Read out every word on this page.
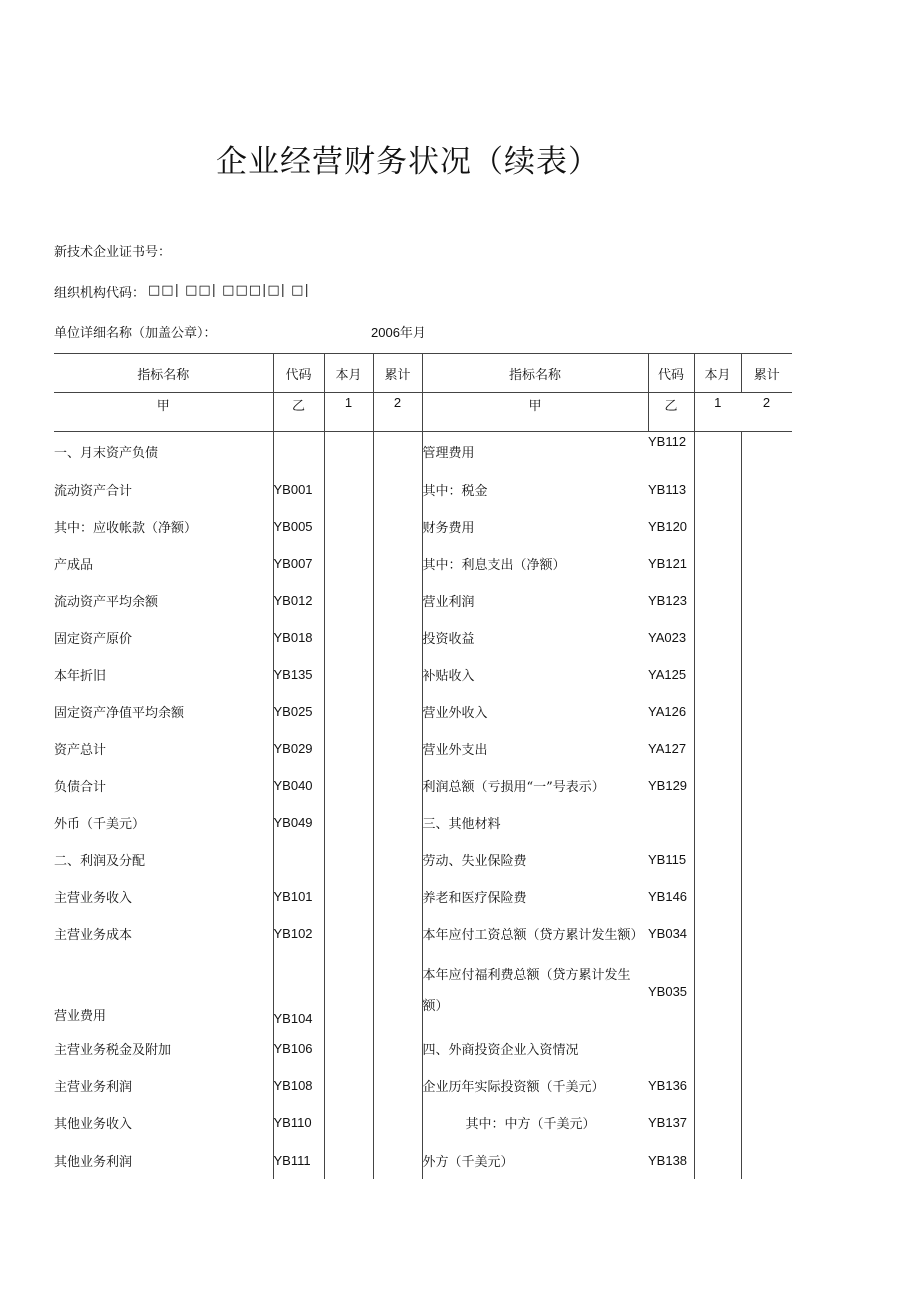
企业经营财务状况（续表）
新技术企业证书号：
组织机构代码： □□| □□| □□□|□| □|
单位详细名称（加盖公章）：	2006年月
指标名称	代码	本月	累计	指标名称	代码	本月	累计
甲	乙	1	2	甲	乙	1	2
一、月末资产负债				管理费用	YB112		
流动资产合计	YB001			其中：税金	YB113		
其中：应收帐款（净额）	YB005			财务费用	YB120		
产成品	YB007			其中：利息支出（净额）	YB121		
流动资产平均余额	YB012			营业利润	YB123		
固定资产原价	YB018			投资收益	YA023		
本年折旧	YB135			补贴收入	YA125		
固定资产净值平均余额	YB025			营业外收入	YA126		
资产总计	YB029			营业外支出	YA127		
负债合计	YB040			利润总额（亏损用“一”号表示）	YB129		
外币（千美元）	YB049			三、其他材料			
二、利润及分配				劳动、失业保险费	YB115		
主营业务收入	YB101			养老和医疗保险费	YB146		
主营业务成本	YB102			本年应付工资总额（贷方累计发生额）	YB034		
营业费用	YB104			本年应付福利费总额（贷方累计发生
额）	YB035		
主营业务税金及附加	YB106			四、外商投资企业入资情况			
主营业务利润	YB108			企业历年实际投资额（千美元）	YB136		
其他业务收入	YB110			其中：中方（千美元）	YB137		
其他业务利润	YB111			外方（千美元）	YB138		
